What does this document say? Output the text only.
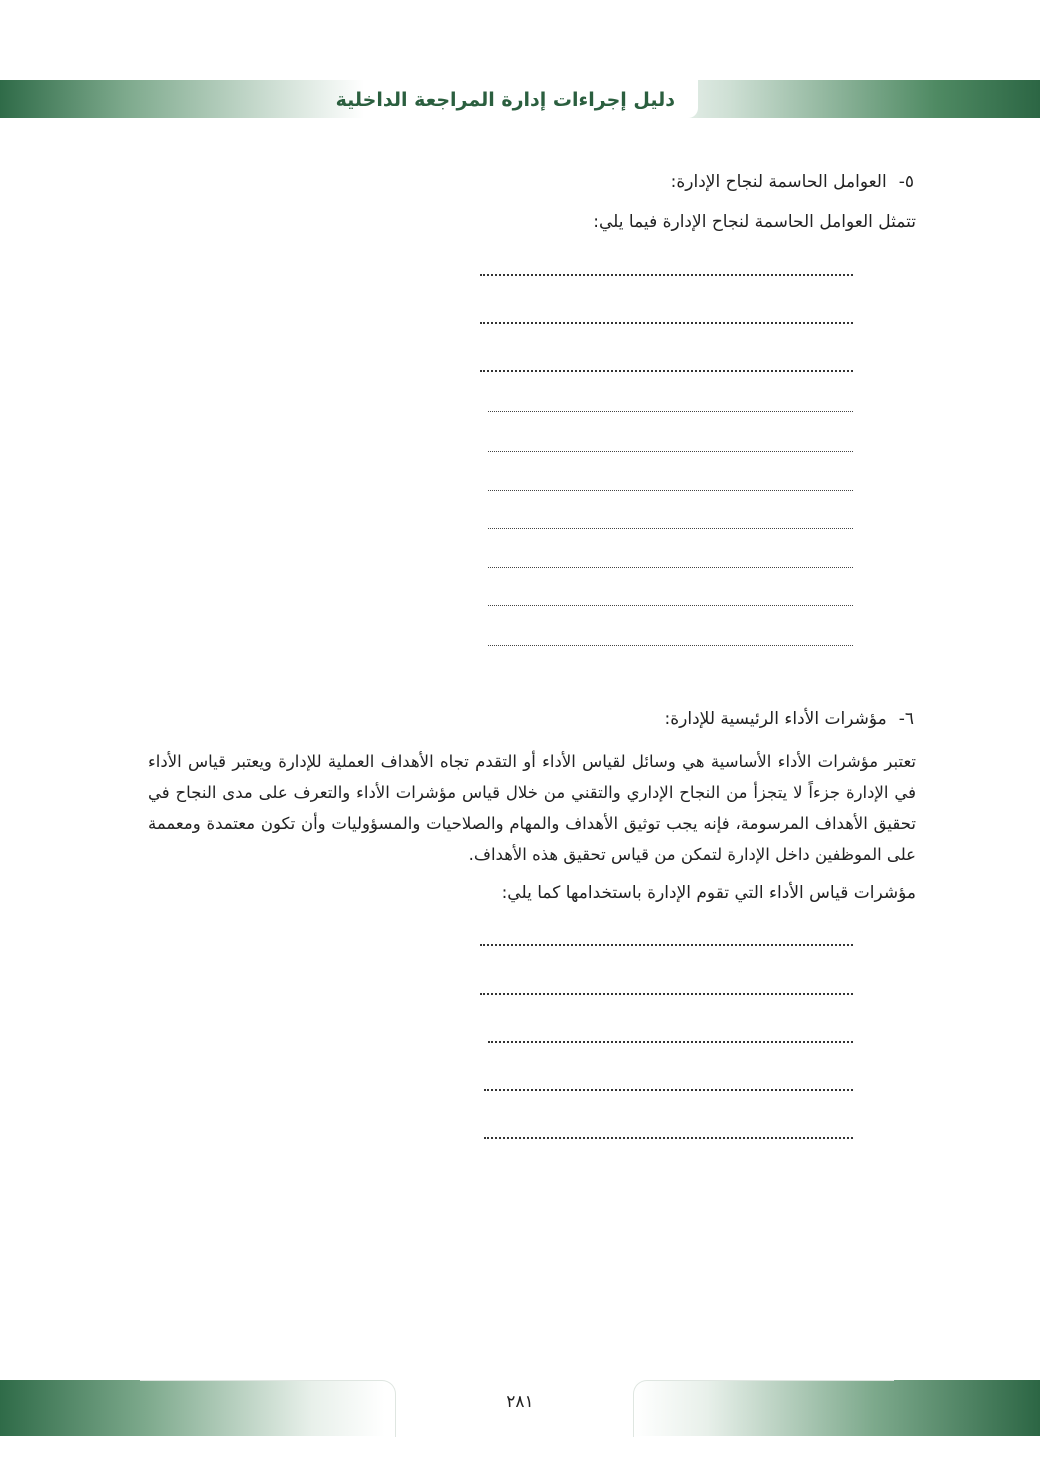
دليل إجراءات إدارة المراجعة الداخلية
٥-العوامل الحاسمة لنجاح الإدارة:
تتمثل العوامل الحاسمة لنجاح الإدارة فيما يلي:
٦-مؤشرات الأداء الرئيسية للإدارة:
تعتبر مؤشرات الأداء الأساسية هي وسائل لقياس الأداء أو التقدم تجاه الأهداف العملية للإدارة ويعتبر قياس الأداء في الإدارة جزءاً لا يتجزأ من النجاح الإداري والتقني من خلال قياس مؤشرات الأداء والتعرف على مدى النجاح في تحقيق الأهداف المرسومة، فإنه يجب توثيق الأهداف والمهام والصلاحيات والمسؤوليات وأن تكون معتمدة ومعممة على الموظفين داخل الإدارة لتمكن من قياس تحقيق هذه الأهداف.
مؤشرات قياس الأداء التي تقوم الإدارة باستخدامها كما يلي:
٢٨١
